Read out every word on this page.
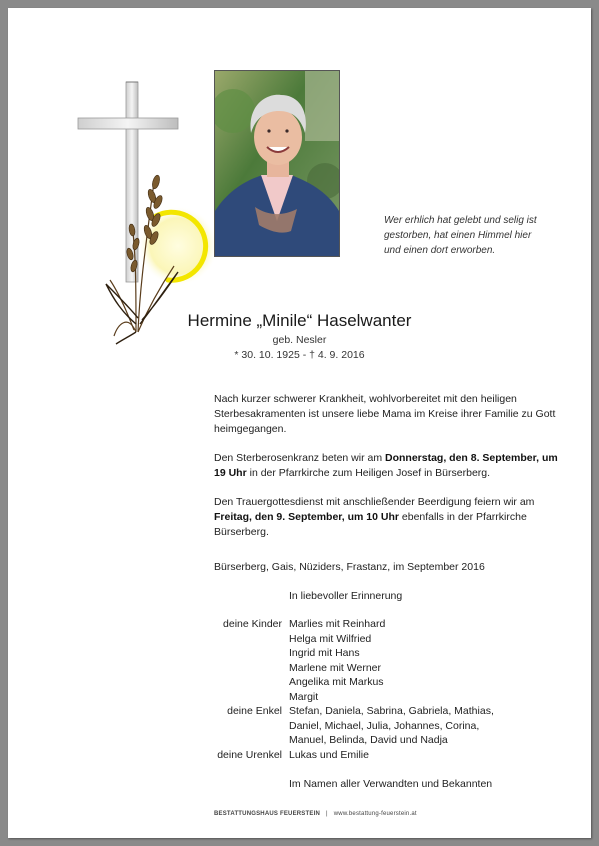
Wer erhlich hat gelebt und selig ist
gestorben, hat einen Himmel hier
und einen dort erworben.
Hermine „Minile“ Haselwanter
geb. Nesler
* 30. 10. 1925 - † 4. 9. 2016

Nach kurzer schwerer Krankheit, wohlvorbereitet mit den heiligen Sterbesakramenten ist unsere liebe Mama im Kreise ihrer Familie zu Gott heimgegangen.

Den Sterberosenkranz beten wir am Donnerstag, den 8. September, um 19 Uhr in der Pfarrkirche zum Heiligen Josef in Bürserberg.

Den Trauergottesdienst mit anschließender Beerdigung feiern wir am Freitag, den 9. September, um 10 Uhr ebenfalls in der Pfarrkirche Bürserberg.

Bürserberg, Gais, Nüziders, Frastanz, im September 2016
In liebevoller Erinnerung
deine Kinder Marlies mit Reinhard
Helga mit Wilfried
Ingrid mit Hans
Marlene mit Werner
Angelika mit Markus
Margit
deine Enkel Stefan, Daniela, Sabrina, Gabriela, Mathias,
Daniel, Michael, Julia, Johannes, Corina,
Manuel, Belinda, David und Nadja
deine Urenkel Lukas und Emilie
Im Namen aller Verwandten und Bekannten
BESTATTUNGSHAUS FEUERSTEIN | www.bestattung-feuerstein.at
